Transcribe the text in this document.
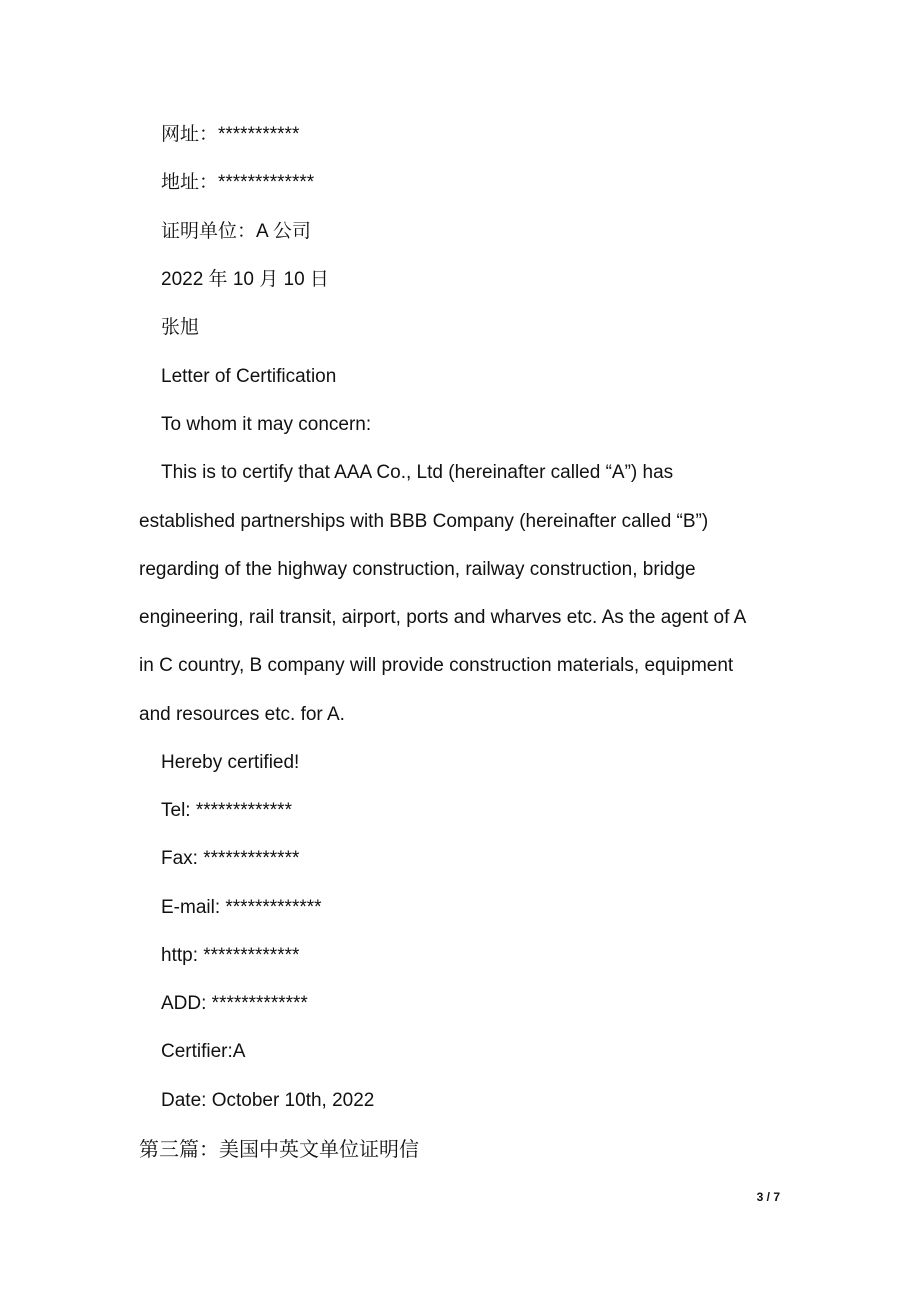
网址：***********
地址：*************
证明单位：A 公司
2022 年 10 月 10 日
张旭
Letter of Certification
To whom it may concern:
This is to certify that AAA Co., Ltd (hereinafter called “A”) has
established partnerships with BBB Company (hereinafter called “B”)
regarding of the highway construction, railway construction, bridge
engineering, rail transit, airport, ports and wharves etc. As the agent of A
in C country, B company will provide construction materials, equipment
and resources etc. for A.
Hereby certified!
Tel: *************
Fax: *************
E-mail: *************
http: *************
ADD: *************
Certifier:A
Date: October 10th, 2022
第三篇：美国中英文单位证明信
3 / 7
